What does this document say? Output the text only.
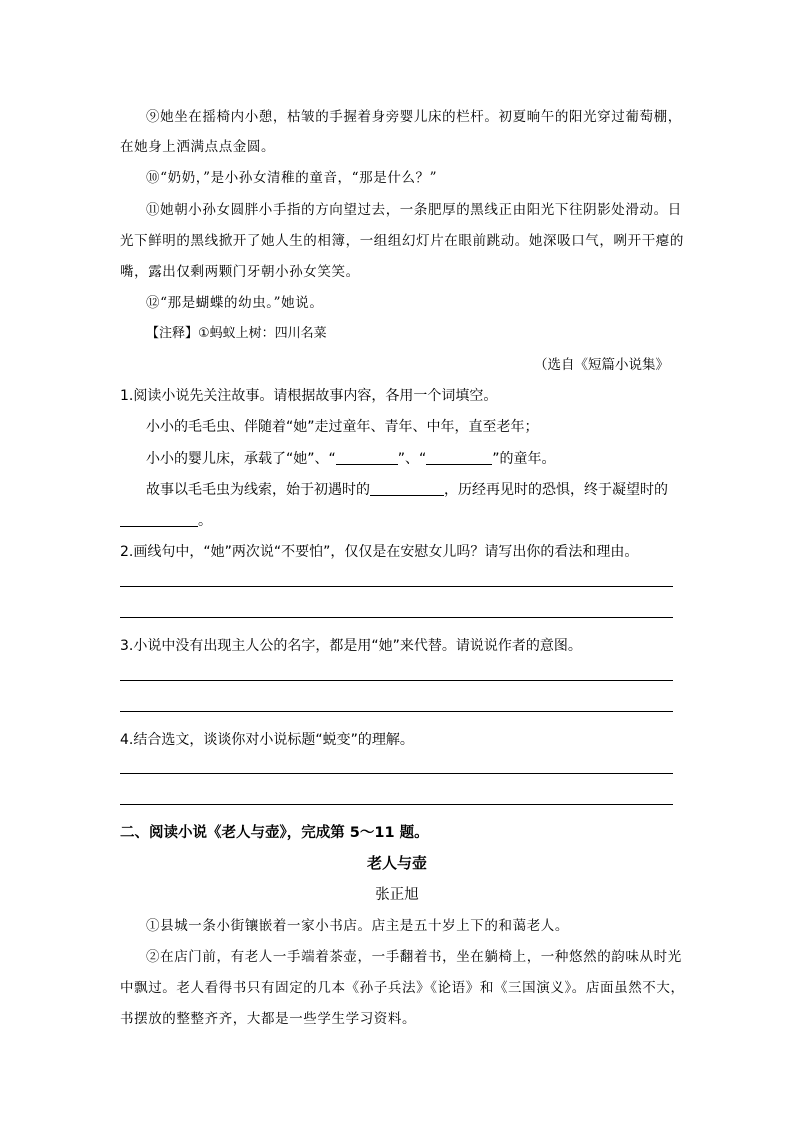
⑨她坐在摇椅内小憩，枯皱的手握着身旁婴儿床的栏杆。初夏晌午的阳光穿过葡萄棚，
在她身上洒满点点金圆。
⑩“奶奶，”是小孙女清稚的童音，“那是什么？”
⑪她朝小孙女圆胖小手指的方向望过去，一条肥厚的黑线正由阳光下往阴影处滑动。日
光下鲜明的黑线掀开了她人生的相簿，一组组幻灯片在眼前跳动。她深吸口气，咧开干瘪的
嘴，露出仅剩两颗门牙朝小孙女笑笑。
⑫“那是蝴蝶的幼虫。”她说。
【注释】①蚂蚁上树：四川名菜
（选自《短篇小说集》
1.阅读小说先关注故事。请根据故事内容，各用一个词填空。
小小的毛毛虫、伴随着“她”走过童年、青年、中年，直至老年；
小小的婴儿床，承载了“她”、“	”、“	”的童年。
故事以毛毛虫为线索，始于初遇时的	，历经再见时的恐惧，终于凝望时的
。
2.画线句中，“她”两次说“不要怕”，仅仅是在安慰女儿吗？请写出你的看法和理由。
3.小说中没有出现主人公的名字，都是用“她”来代替。请说说作者的意图。
4.结合选文，谈谈你对小说标题“蜕变”的理解。
二、阅读小说《老人与壶》，完成第 5～11 题。
老人与壶
张正旭
①县城一条小街镶嵌着一家小书店。店主是五十岁上下的和蔼老人。
②在店门前，有老人一手端着茶壶，一手翻着书，坐在躺椅上，一种悠然的韵味从时光
中飘过。老人看得书只有固定的几本《孙子兵法》《论语》和《三国演义》。店面虽然不大，
书摆放的整整齐齐，大都是一些学生学习资料。
